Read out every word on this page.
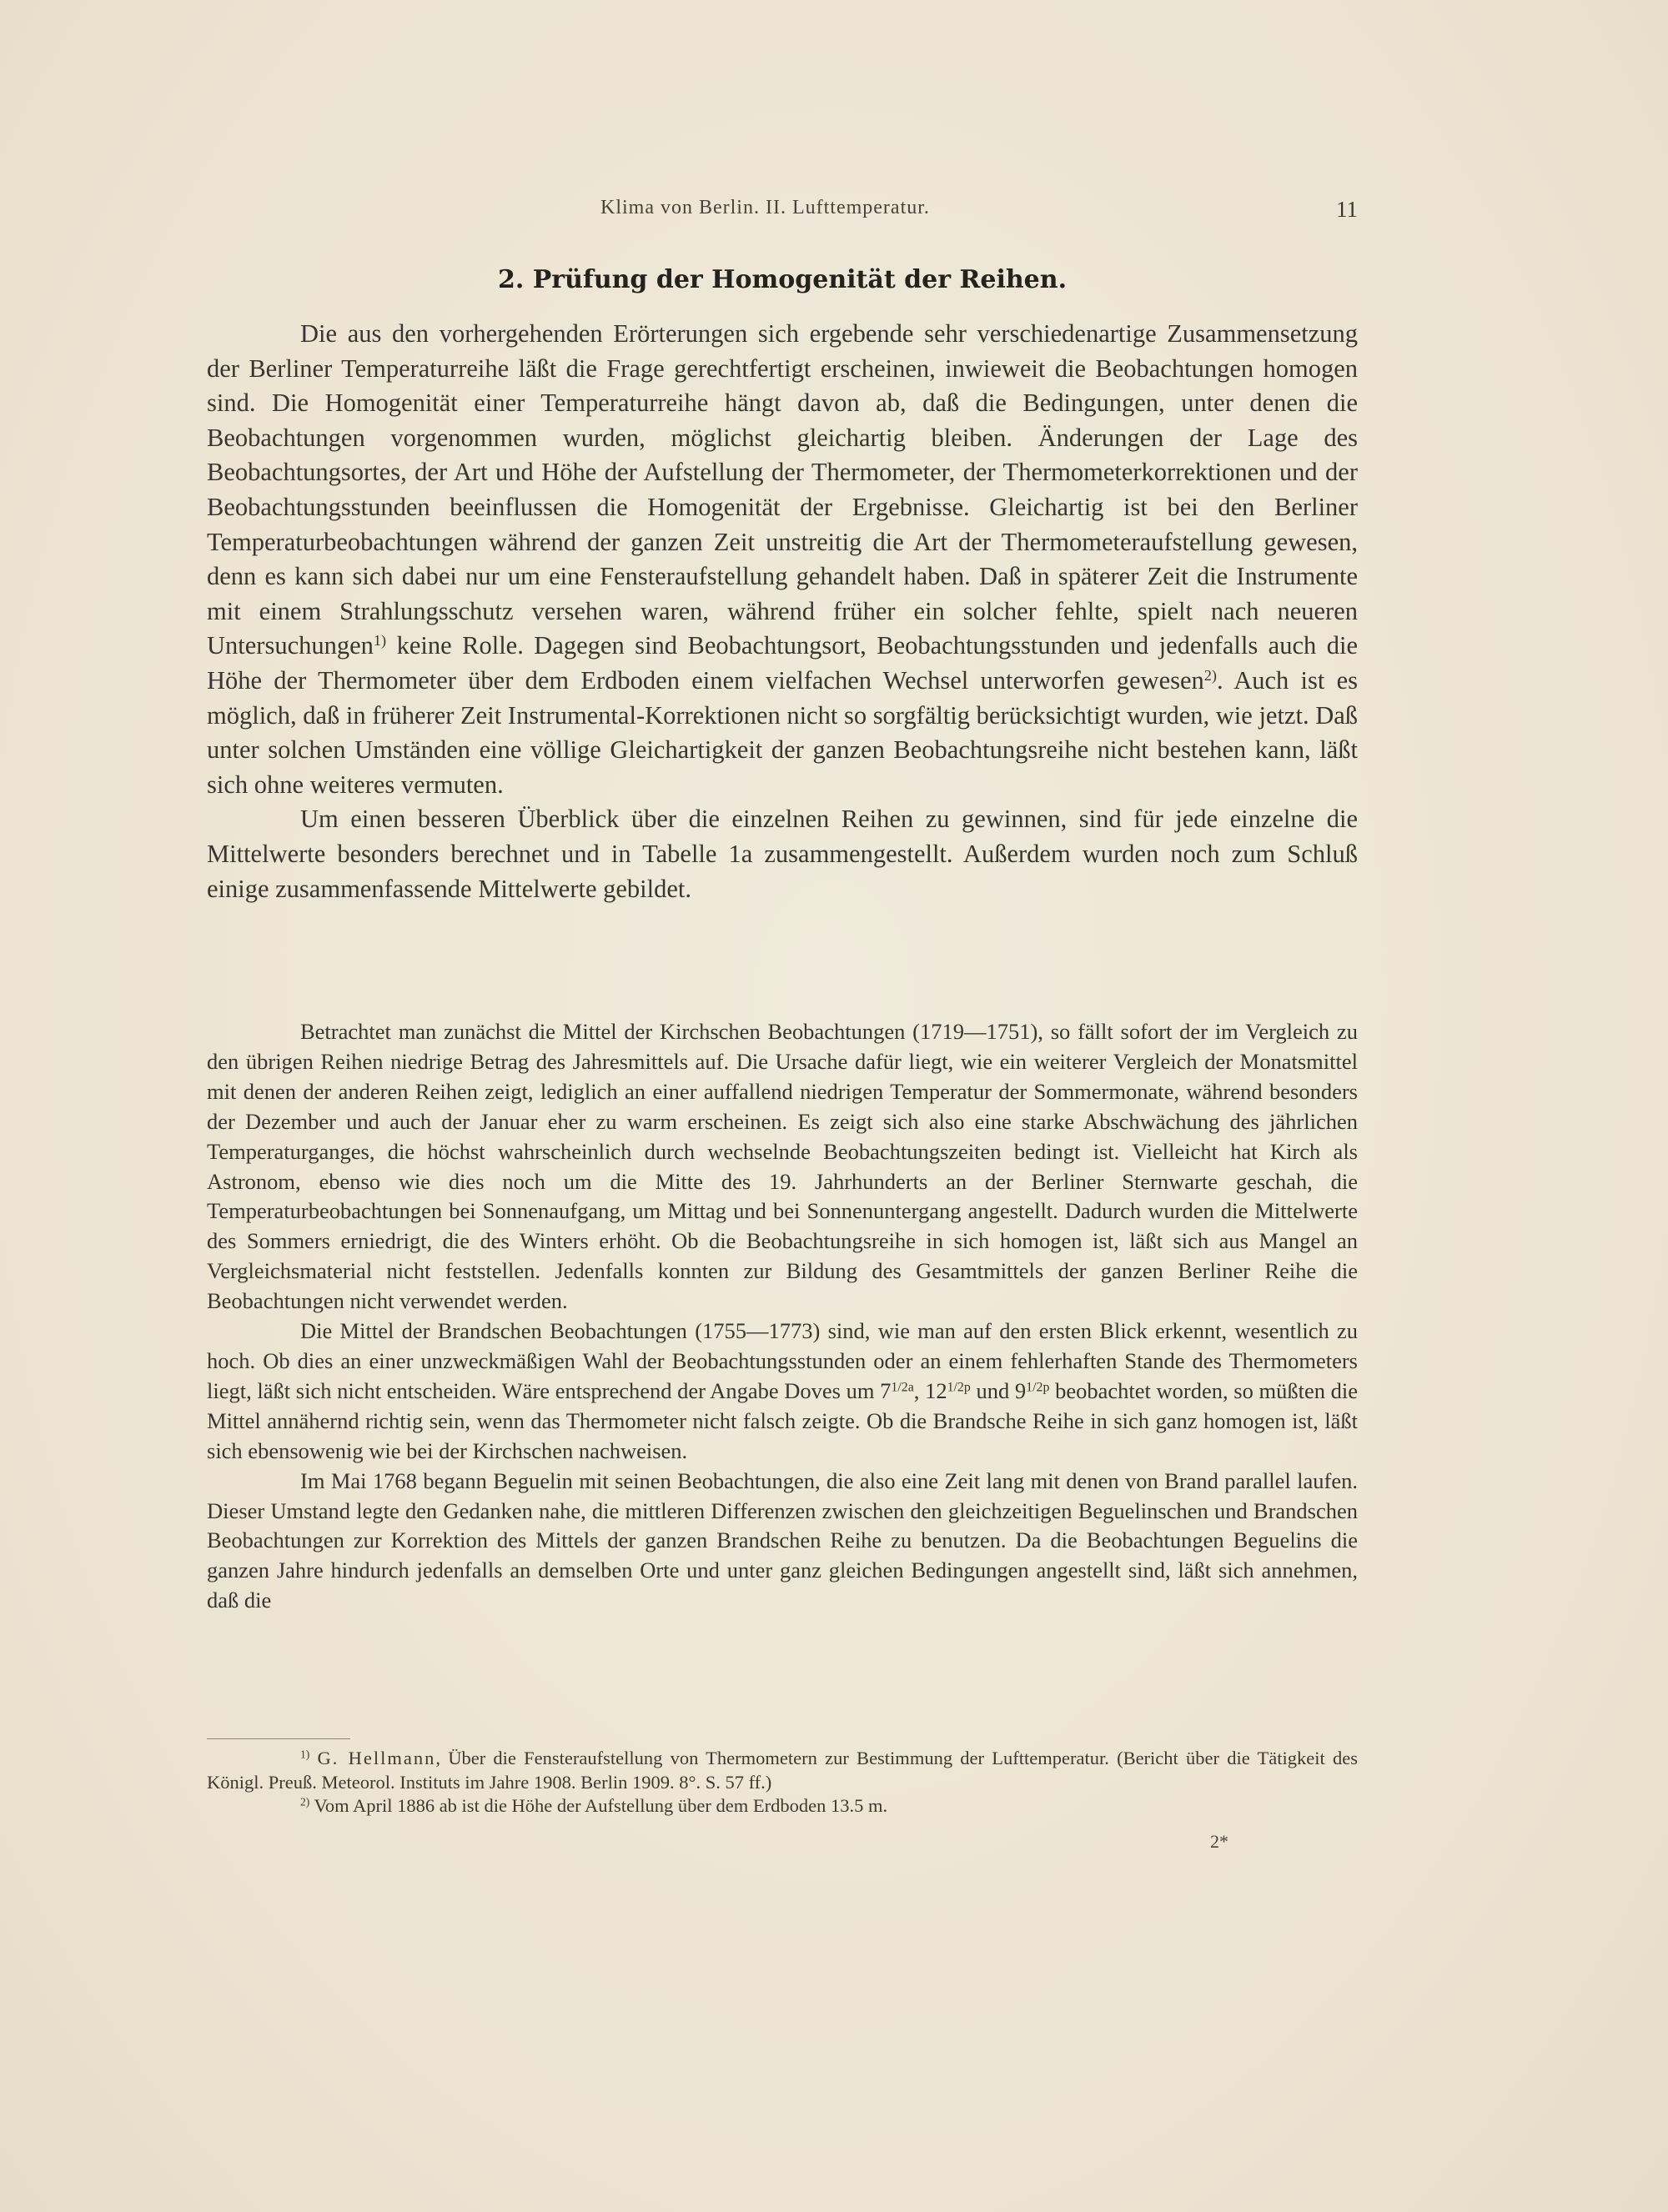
Klima von Berlin. II. Lufttemperatur.	11
2. Prüfung der Homogenität der Reihen.

Die aus den vorhergehenden Erörterungen sich ergebende sehr verschiedenartige Zusammensetzung der Berliner Temperaturreihe läßt die Frage gerechtfertigt erscheinen, inwieweit die Beobachtungen homogen sind. Die Homogenität einer Temperaturreihe hängt davon ab, daß die Bedingungen, unter denen die Beobachtungen vorgenommen wurden, möglichst gleichartig bleiben. Änderungen der Lage des Beobachtungsortes, der Art und Höhe der Aufstellung der Thermometer, der Thermometerkorrektionen und der Beobachtungsstunden beeinflussen die Homogenität der Ergebnisse. Gleichartig ist bei den Berliner Temperaturbeobachtungen während der ganzen Zeit unstreitig die Art der Thermometeraufstellung gewesen, denn es kann sich dabei nur um eine Fensteraufstellung gehandelt haben. Daß in späterer Zeit die Instrumente mit einem Strahlungsschutz versehen waren, während früher ein solcher fehlte, spielt nach neueren Untersuchungen$^{1)}$ keine Rolle. Dagegen sind Beobachtungsort, Beobachtungsstunden und jedenfalls auch die Höhe der Thermometer über dem Erdboden einem vielfachen Wechsel unterworfen gewesen$^{2)}$. Auch ist es möglich, daß in früherer Zeit Instrumental-Korrektionen nicht so sorgfältig berücksichtigt wurden, wie jetzt. Daß unter solchen Umständen eine völlige Gleichartigkeit der ganzen Beobachtungsreihe nicht bestehen kann, läßt sich ohne weiteres vermuten.

Um einen besseren Überblick über die einzelnen Reihen zu gewinnen, sind für jede einzelne die Mittelwerte besonders berechnet und in Tabelle 1a zusammengestellt. Außerdem wurden noch zum Schluß einige zusammenfassende Mittelwerte gebildet.

Betrachtet man zunächst die Mittel der Kirchschen Beobachtungen (1719—1751), so fällt sofort der im Vergleich zu den übrigen Reihen niedrige Betrag des Jahresmittels auf. Die Ursache dafür liegt, wie ein weiterer Vergleich der Monatsmittel mit denen der anderen Reihen zeigt, lediglich an einer auffallend niedrigen Temperatur der Sommermonate, während besonders der Dezember und auch der Januar eher zu warm erscheinen. Es zeigt sich also eine starke Abschwächung des jährlichen Temperaturganges, die höchst wahrscheinlich durch wechselnde Beobachtungszeiten bedingt ist. Vielleicht hat Kirch als Astronom, ebenso wie dies noch um die Mitte des 19. Jahrhunderts an der Berliner Sternwarte geschah, die Temperaturbeobachtungen bei Sonnenaufgang, um Mittag und bei Sonnenuntergang angestellt. Dadurch wurden die Mittelwerte des Sommers erniedrigt, die des Winters erhöht. Ob die Beobachtungsreihe in sich homogen ist, läßt sich aus Mangel an Vergleichsmaterial nicht feststellen. Jedenfalls konnten zur Bildung des Gesamtmittels der ganzen Berliner Reihe die Beobachtungen nicht verwendet werden.

Die Mittel der Brandschen Beobachtungen (1755—1773) sind, wie man auf den ersten Blick erkennt, wesentlich zu hoch. Ob dies an einer unzweckmäßigen Wahl der Beobachtungsstunden oder an einem fehlerhaften Stande des Thermometers liegt, läßt sich nicht entscheiden. Wäre entsprechend der Angabe Doves um $7^{1/2a}$, $12^{1/2p}$ und $9^{1/2p}$ beobachtet worden, so müßten die Mittel annähernd richtig sein, wenn das Thermometer nicht falsch zeigte. Ob die Brandsche Reihe in sich ganz homogen ist, läßt sich ebensowenig wie bei der Kirchschen nachweisen.

Im Mai 1768 begann Beguelin mit seinen Beobachtungen, die also eine Zeit lang mit denen von Brand parallel laufen. Dieser Umstand legte den Gedanken nahe, die mittleren Differenzen zwischen den gleichzeitigen Beguelinschen und Brandschen Beobachtungen zur Korrektion des Mittels der ganzen Brandschen Reihe zu benutzen. Da die Beobachtungen Beguelins die ganzen Jahre hindurch jedenfalls an demselben Orte und unter ganz gleichen Bedingungen angestellt sind, läßt sich annehmen, daß die

$^{1)}$ G. Hellmann, Über die Fensteraufstellung von Thermometern zur Bestimmung der Lufttemperatur. (Bericht über die Tätigkeit des Königl. Preuß. Meteorol. Instituts im Jahre 1908. Berlin 1909. 8°. S. 57 ff.)

$^{2)}$ Vom April 1886 ab ist die Höhe der Aufstellung über dem Erdboden 13.5 m.

2*
